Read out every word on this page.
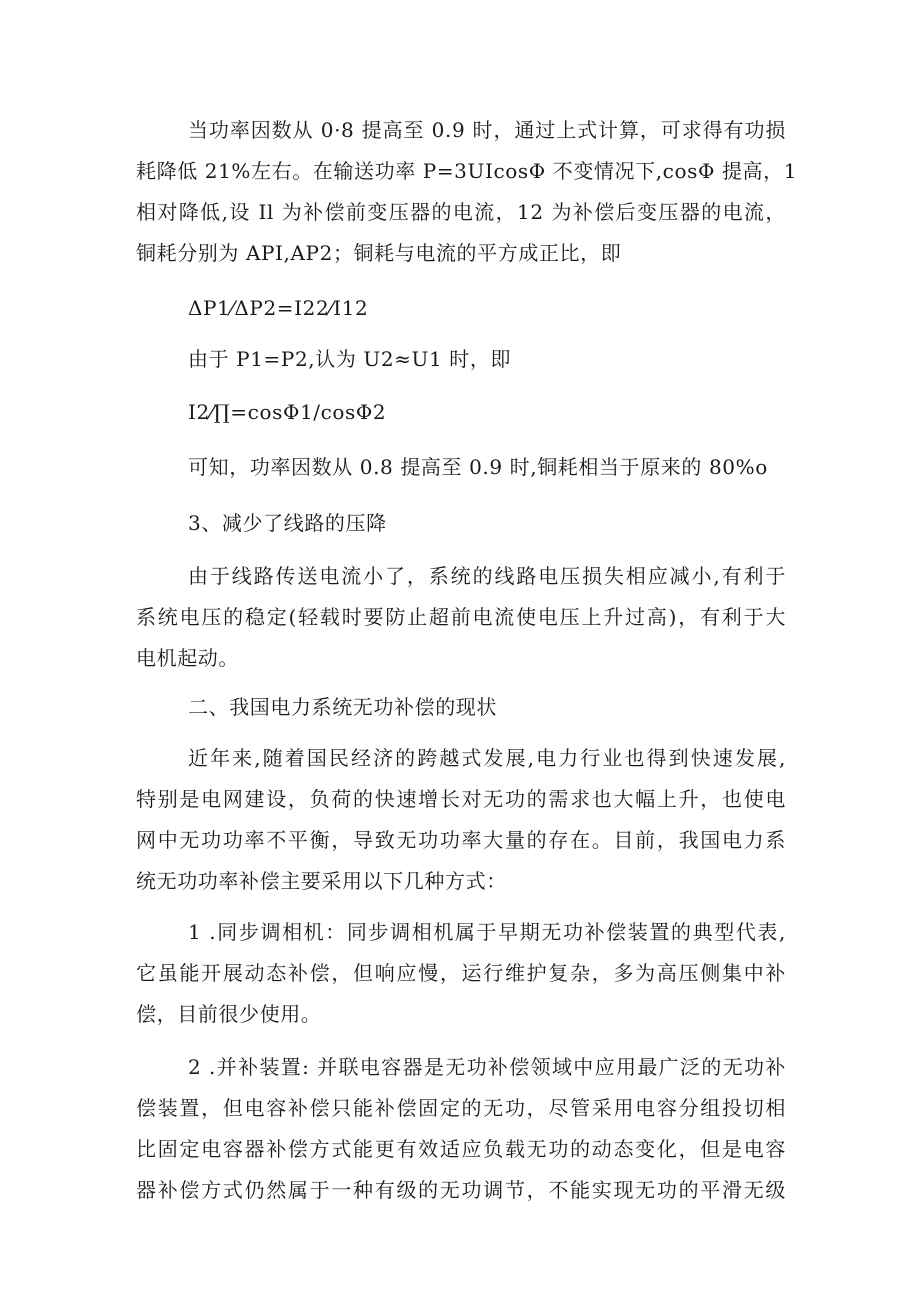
当功率因数从 0·8 提高至 0.9 时，通过上式计算，可求得有功损

耗降低 21%左右。在输送功率 P=3UIcosΦ 不变情况下,cosΦ 提高，1

相对降低,设 Il 为补偿前变压器的电流，12 为补偿后变压器的电流，

铜耗分别为 API,AP2；铜耗与电流的平方成正比，即

ΔP1⁄ΔP2=I22⁄I12

由于 P1=P2,认为 U2≈U1 时，即

I2⁄∏=cosΦ1/cosΦ2

可知，功率因数从 0.8 提高至 0.9 时,铜耗相当于原来的 80%o

3、减少了线路的压降

由于线路传送电流小了，系统的线路电压损失相应减小,有利于

系统电压的稳定(轻载时要防止超前电流使电压上升过高)，有利于大

电机起动。

二、我国电力系统无功补偿的现状

近年来,随着国民经济的跨越式发展,电力行业也得到快速发展,

特别是电网建设，负荷的快速增长对无功的需求也大幅上升，也使电

网中无功功率不平衡，导致无功功率大量的存在。目前，我国电力系

统无功功率补偿主要采用以下几种方式：

1 .同步调相机：同步调相机属于早期无功补偿装置的典型代表,

它虽能开展动态补偿，但响应慢，运行维护复杂，多为高压侧集中补

偿，目前很少使用。

2 .并补装置: 并联电容器是无功补偿领域中应用最广泛的无功补

偿装置，但电容补偿只能补偿固定的无功，尽管采用电容分组投切相

比固定电容器补偿方式能更有效适应负载无功的动态变化，但是电容

器补偿方式仍然属于一种有级的无功调节，不能实现无功的平滑无级
